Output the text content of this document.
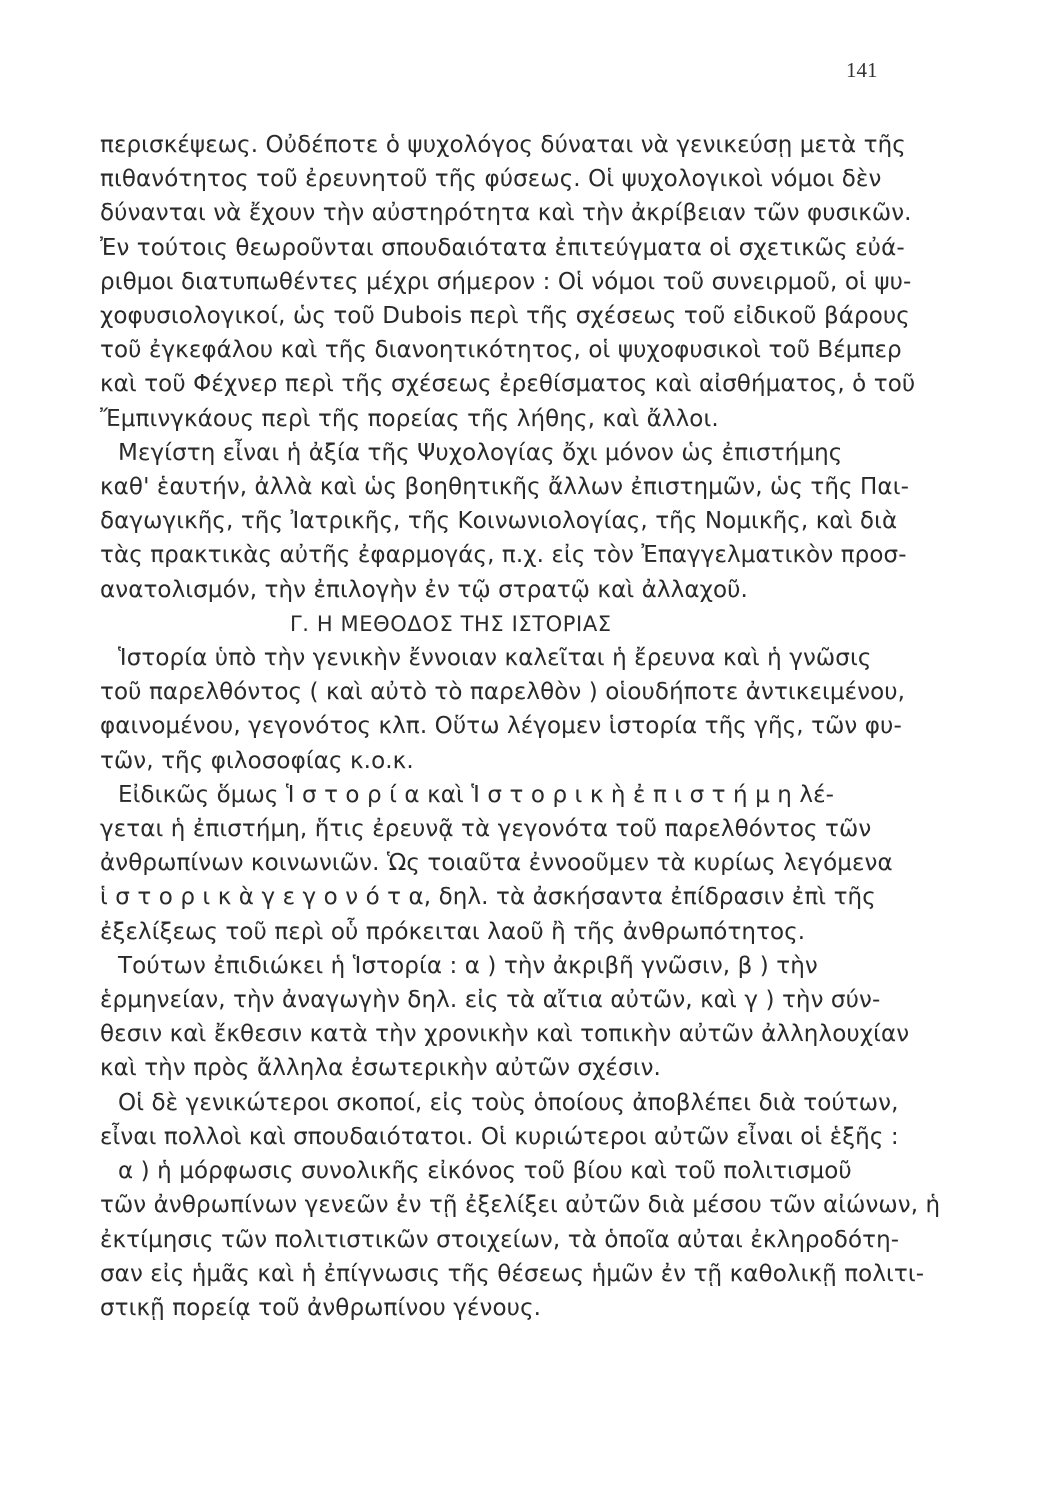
141
περισκέψεως. Οὐδέποτε ὁ ψυχολόγος δύναται νὰ γενικεύσῃ μετὰ τῆς
πιθανότητος τοῦ ἐρευνητοῦ τῆς φύσεως. Οἱ ψυχολογικοὶ νόμοι δὲν
δύνανται νὰ ἔχουν τὴν αὐστηρότητα καὶ τὴν ἀκρίβειαν τῶν φυσικῶν.
Ἐν τούτοις θεωροῦνται σπουδαιότατα ἐπιτεύγματα οἱ σχετικῶς εὐά-
ριθμοι διατυπωθέντες μέχρι σήμερον : Οἱ νόμοι τοῦ συνειρμοῦ, οἱ ψυ-
χοφυσιολογικοί, ὡς τοῦ Dubois περὶ τῆς σχέσεως τοῦ εἰδικοῦ βάρους
τοῦ ἐγκεφάλου καὶ τῆς διανοητικότητος, οἱ ψυχοφυσικοὶ τοῦ Βέμπερ
καὶ τοῦ Φέχνερ περὶ τῆς σχέσεως ἐρεθίσματος καὶ αἰσθήματος, ὁ τοῦ
Ἔμπινγκάους περὶ τῆς πορείας τῆς λήθης, καὶ ἄλλοι.
Μεγίστη εἶναι ἡ ἀξία τῆς Ψυχολογίας ὄχι μόνον ὡς ἐπιστήμης
καθ' ἑαυτήν, ἀλλὰ καὶ ὡς βοηθητικῆς ἄλλων ἐπιστημῶν, ὡς τῆς Παι-
δαγωγικῆς, τῆς Ἰατρικῆς, τῆς Κοινωνιολογίας, τῆς Νομικῆς, καὶ διὰ
τὰς πρακτικὰς αὐτῆς ἐφαρμογάς, π.χ. εἰς τὸν Ἐπαγγελματικὸν προσ-
ανατολισμόν, τὴν ἐπιλογὴν ἐν τῷ στρατῷ καὶ ἀλλαχοῦ.
Γ. Η ΜΕΘΟΔΟΣ ΤΗΣ ΙΣΤΟΡΙΑΣ
Ἱστορία ὑπὸ τὴν γενικὴν ἔννοιαν καλεῖται ἡ ἔρευνα καὶ ἡ γνῶσις
τοῦ παρελθόντος ( καὶ αὐτὸ τὸ παρελθὸν ) οἱουδήποτε ἀντικειμένου,
φαινομένου, γεγονότος κλπ. Οὕτω λέγομεν ἱστορία τῆς γῆς, τῶν φυ-
τῶν, τῆς φιλοσοφίας κ.ο.κ.
Εἰδικῶς ὅμως Ἱ σ τ ο ρ ί α καὶ Ἱ σ τ ο ρ ι κ ὴ ἐ π ι σ τ ή μ η λέ-
γεται ἡ ἐπιστήμη, ἥτις ἐρευνᾷ τὰ γεγονότα τοῦ παρελθόντος τῶν
ἀνθρωπίνων κοινωνιῶν. Ὡς τοιαῦτα ἐννοοῦμεν τὰ κυρίως λεγόμενα
ἱ σ τ ο ρ ι κ ὰ γ ε γ ο ν ό τ α, δηλ. τὰ ἀσκήσαντα ἐπίδρασιν ἐπὶ τῆς
ἐξελίξεως τοῦ περὶ οὗ πρόκειται λαοῦ ἢ τῆς ἀνθρωπότητος.
Τούτων ἐπιδιώκει ἡ Ἱστορία : α ) τὴν ἀκριβῆ γνῶσιν, β ) τὴν
ἑρμηνείαν, τὴν ἀναγωγὴν δηλ. εἰς τὰ αἴτια αὐτῶν, καὶ γ ) τὴν σύν-
θεσιν καὶ ἔκθεσιν κατὰ τὴν χρονικὴν καὶ τοπικὴν αὐτῶν ἀλληλουχίαν
καὶ τὴν πρὸς ἄλληλα ἐσωτερικὴν αὐτῶν σχέσιν.
Οἱ δὲ γενικώτεροι σκοποί, εἰς τοὺς ὁποίους ἀποβλέπει διὰ τούτων,
εἶναι πολλοὶ καὶ σπουδαιότατοι. Οἱ κυριώτεροι αὐτῶν εἶναι οἱ ἑξῆς :
α ) ἡ μόρφωσις συνολικῆς εἰκόνος τοῦ βίου καὶ τοῦ πολιτισμοῦ
τῶν ἀνθρωπίνων γενεῶν ἐν τῇ ἐξελίξει αὐτῶν διὰ μέσου τῶν αἰώνων, ἡ
ἐκτίμησις τῶν πολιτιστικῶν στοιχείων, τὰ ὁποῖα αὐται ἐκληροδότη-
σαν εἰς ἡμᾶς καὶ ἡ ἐπίγνωσις τῆς θέσεως ἡμῶν ἐν τῇ καθολικῇ πολιτι-
στικῇ πορείᾳ τοῦ ἀνθρωπίνου γένους.
